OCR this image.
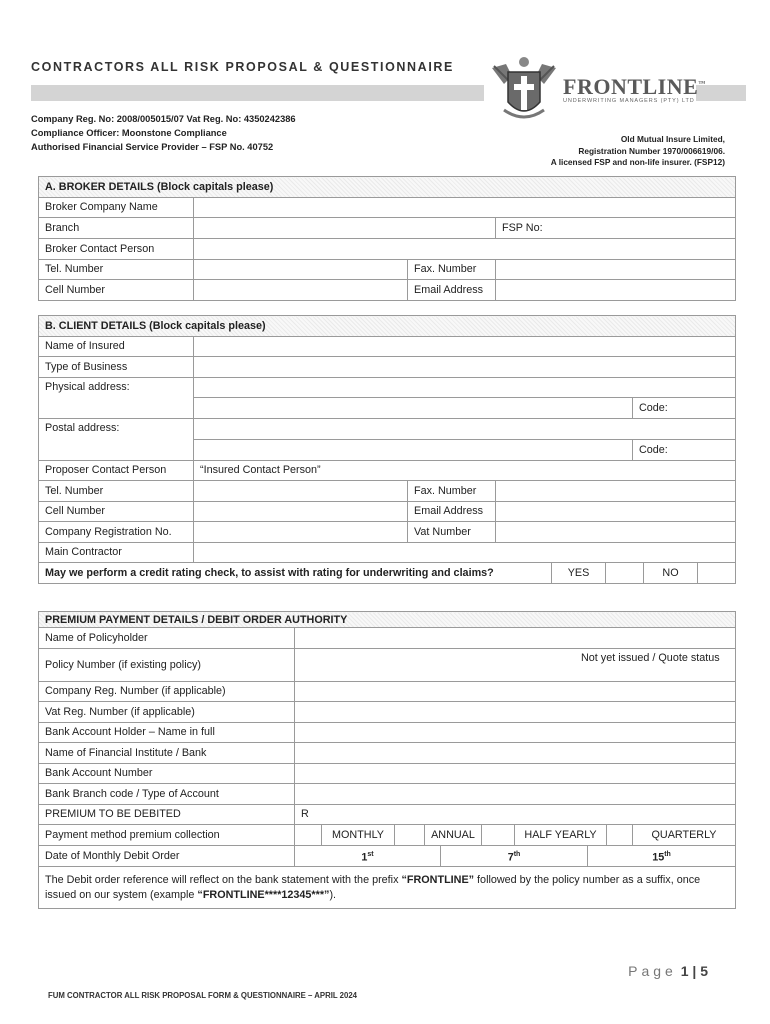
CONTRACTORS ALL RISK PROPOSAL & QUESTIONNAIRE
FRONTLINE™
UNDERWRITING MANAGERS (PTY) LTD
Company Reg. No: 2008/005015/07 Vat Reg. No: 4350242386
Compliance Officer: Moonstone Compliance
Authorised Financial Service Provider – FSP No. 40752
Old Mutual Insure Limited,
Registration Number 1970/006619/06.
A licensed FSP and non-life insurer. (FSP12)
A. BROKER DETAILS (Block capitals please)			
Broker Company Name			
Branch	FSP No:		

Broker Contact Person			
Tel. Number		Fax. Number	
Cell Number		Email Address	
B. CLIENT DETAILS (Block capitals please)			
Name of Insured			
Type of Business			
Physical address:			

	Code:		

Postal address:			

	Code:		

Proposer Contact Person	“Insured Contact Person”		
Tel. Number		Fax. Number	
Cell Number		Email Address	
Company Registration No.		Vat Number	
Main Contractor			

May we perform a credit rating check, to assist with rating for underwriting and claims? YES NO			
PREMIUM PAYMENT DETAILS / DEBIT ORDER AUTHORITY	
Name of Policyholder	
Policy Number (if existing policy)	Not yet issued / Quote status

Company Reg. Number (if applicable)	
Vat Reg. Number (if applicable)	
Bank Account Holder – Name in full	
Name of Financial Institute / Bank	
Bank Account Number	
Bank Branch code / Type of Account	
PREMIUM TO BE DEBITED	R
Payment method premium collection	MONTHLY ANNUAL HALF YEARLY QUARTERLY

Date of Monthly Debit Order	1st 7th 15th

The Debit order reference will reflect on the bank statement with the prefix “FRONTLINE” followed by the policy number as a suffix, once issued on our system (example “FRONTLINE****12345***”).	
Page 1 | 5
FUM CONTRACTOR ALL RISK PROPOSAL FORM & QUESTIONNAIRE – APRIL 2024
